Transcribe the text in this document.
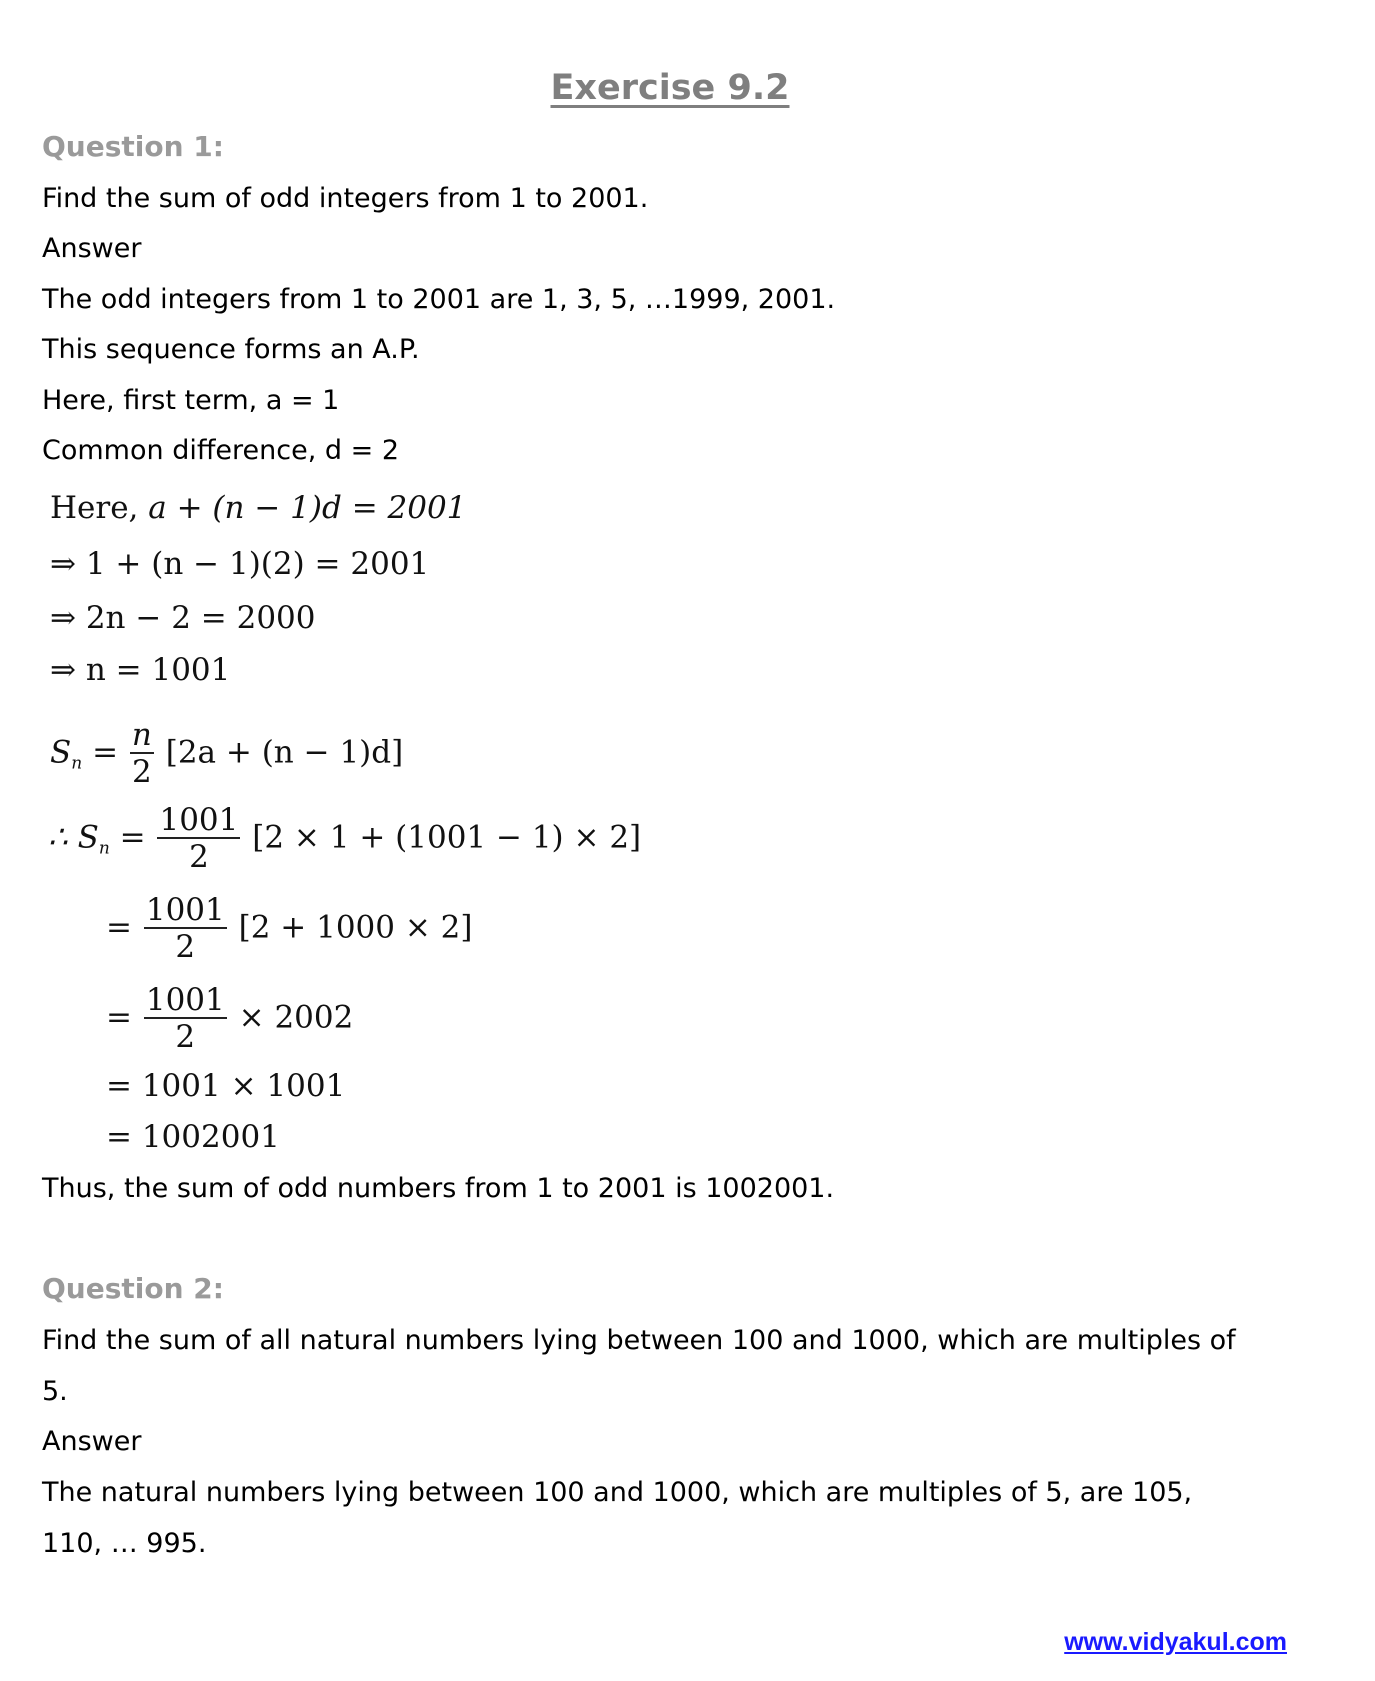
Exercise 9.2
Question 1:
Find the sum of odd integers from 1 to 2001.
Answer
The odd integers from 1 to 2001 are 1, 3, 5, …1999, 2001.
This sequence forms an A.P.
Here, first term, a = 1
Common difference, d = 2
Here, a + (n − 1)d = 2001
⇒ 1 + (n − 1)(2) = 2001
⇒ 2n − 2 = 2000
⇒ n = 1001
$S_n = \frac{n}{2} [2a + (n - 1)d]$
∴ $S_n = \frac{1001}{2} [2 \times 1 + (1001 - 1) \times 2]$
= $\frac{1001}{2} [2 + 1000 \times 2]$
= $\frac{1001}{2} \times 2002$
= 1001 × 1001
= 1002001
Thus, the sum of odd numbers from 1 to 2001 is 1002001.
Question 2:
Find the sum of all natural numbers lying between 100 and 1000, which are multiples of
5.
Answer
The natural numbers lying between 100 and 1000, which are multiples of 5, are 105,
110, … 995.
www.vidyakul.com
